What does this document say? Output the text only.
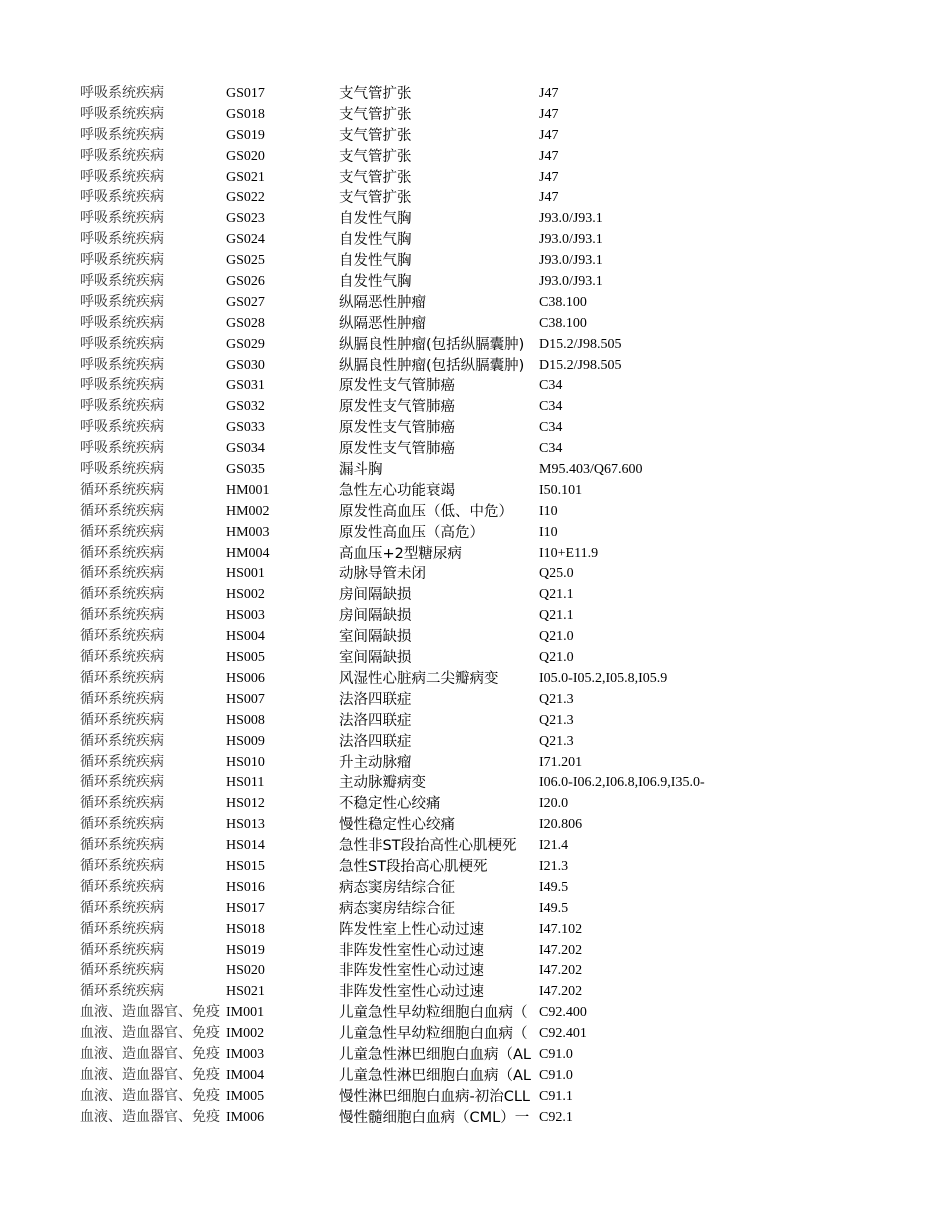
呼吸系统疾病	GS017	支气管扩张	J47
呼吸系统疾病	GS018	支气管扩张	J47
呼吸系统疾病	GS019	支气管扩张	J47
呼吸系统疾病	GS020	支气管扩张	J47
呼吸系统疾病	GS021	支气管扩张	J47
呼吸系统疾病	GS022	支气管扩张	J47
呼吸系统疾病	GS023	自发性气胸	J93.0/J93.1
呼吸系统疾病	GS024	自发性气胸	J93.0/J93.1
呼吸系统疾病	GS025	自发性气胸	J93.0/J93.1
呼吸系统疾病	GS026	自发性气胸	J93.0/J93.1
呼吸系统疾病	GS027	纵隔恶性肿瘤	C38.100
呼吸系统疾病	GS028	纵隔恶性肿瘤	C38.100
呼吸系统疾病	GS029	纵膈良性肿瘤(包括纵膈囊肿)	D15.2/J98.505
呼吸系统疾病	GS030	纵膈良性肿瘤(包括纵膈囊肿)	D15.2/J98.505
呼吸系统疾病	GS031	原发性支气管肺癌	C34
呼吸系统疾病	GS032	原发性支气管肺癌	C34
呼吸系统疾病	GS033	原发性支气管肺癌	C34
呼吸系统疾病	GS034	原发性支气管肺癌	C34
呼吸系统疾病	GS035	漏斗胸	M95.403/Q67.600
循环系统疾病	HM001	急性左心功能衰竭	I50.101
循环系统疾病	HM002	原发性高血压（低、中危）	I10
循环系统疾病	HM003	原发性高血压（高危）	I10
循环系统疾病	HM004	高血压+2型糖尿病	I10+E11.9
循环系统疾病	HS001	动脉导管未闭	Q25.0
循环系统疾病	HS002	房间隔缺损	Q21.1
循环系统疾病	HS003	房间隔缺损	Q21.1
循环系统疾病	HS004	室间隔缺损	Q21.0
循环系统疾病	HS005	室间隔缺损	Q21.0
循环系统疾病	HS006	风湿性心脏病二尖瓣病变	I05.0-I05.2,I05.8,I05.9
循环系统疾病	HS007	法洛四联症	Q21.3
循环系统疾病	HS008	法洛四联症	Q21.3
循环系统疾病	HS009	法洛四联症	Q21.3
循环系统疾病	HS010	升主动脉瘤	I71.201
循环系统疾病	HS011	主动脉瓣病变	I06.0-I06.2,I06.8,I06.9,I35.0-
循环系统疾病	HS012	不稳定性心绞痛	I20.0
循环系统疾病	HS013	慢性稳定性心绞痛	I20.806
循环系统疾病	HS014	急性非ST段抬高性心肌梗死	I21.4
循环系统疾病	HS015	急性ST段抬高心肌梗死	I21.3
循环系统疾病	HS016	病态窦房结综合征	I49.5
循环系统疾病	HS017	病态窦房结综合征	I49.5
循环系统疾病	HS018	阵发性室上性心动过速	I47.102
循环系统疾病	HS019	非阵发性室性心动过速	I47.202
循环系统疾病	HS020	非阵发性室性心动过速	I47.202
循环系统疾病	HS021	非阵发性室性心动过速	I47.202
血液、造血器官、免疫 IM001	儿童急性早幼粒细胞白血病（ C92.400
血液、造血器官、免疫 IM002	儿童急性早幼粒细胞白血病（ C92.401
血液、造血器官、免疫 IM003	儿童急性淋巴细胞白血病（AL C91.0
血液、造血器官、免疫 IM004	儿童急性淋巴细胞白血病（AL C91.0
血液、造血器官、免疫 IM005	慢性淋巴细胞白血病-初治CLL C91.1
血液、造血器官、免疫 IM006	慢性髓细胞白血病（CML）一 C92.1
